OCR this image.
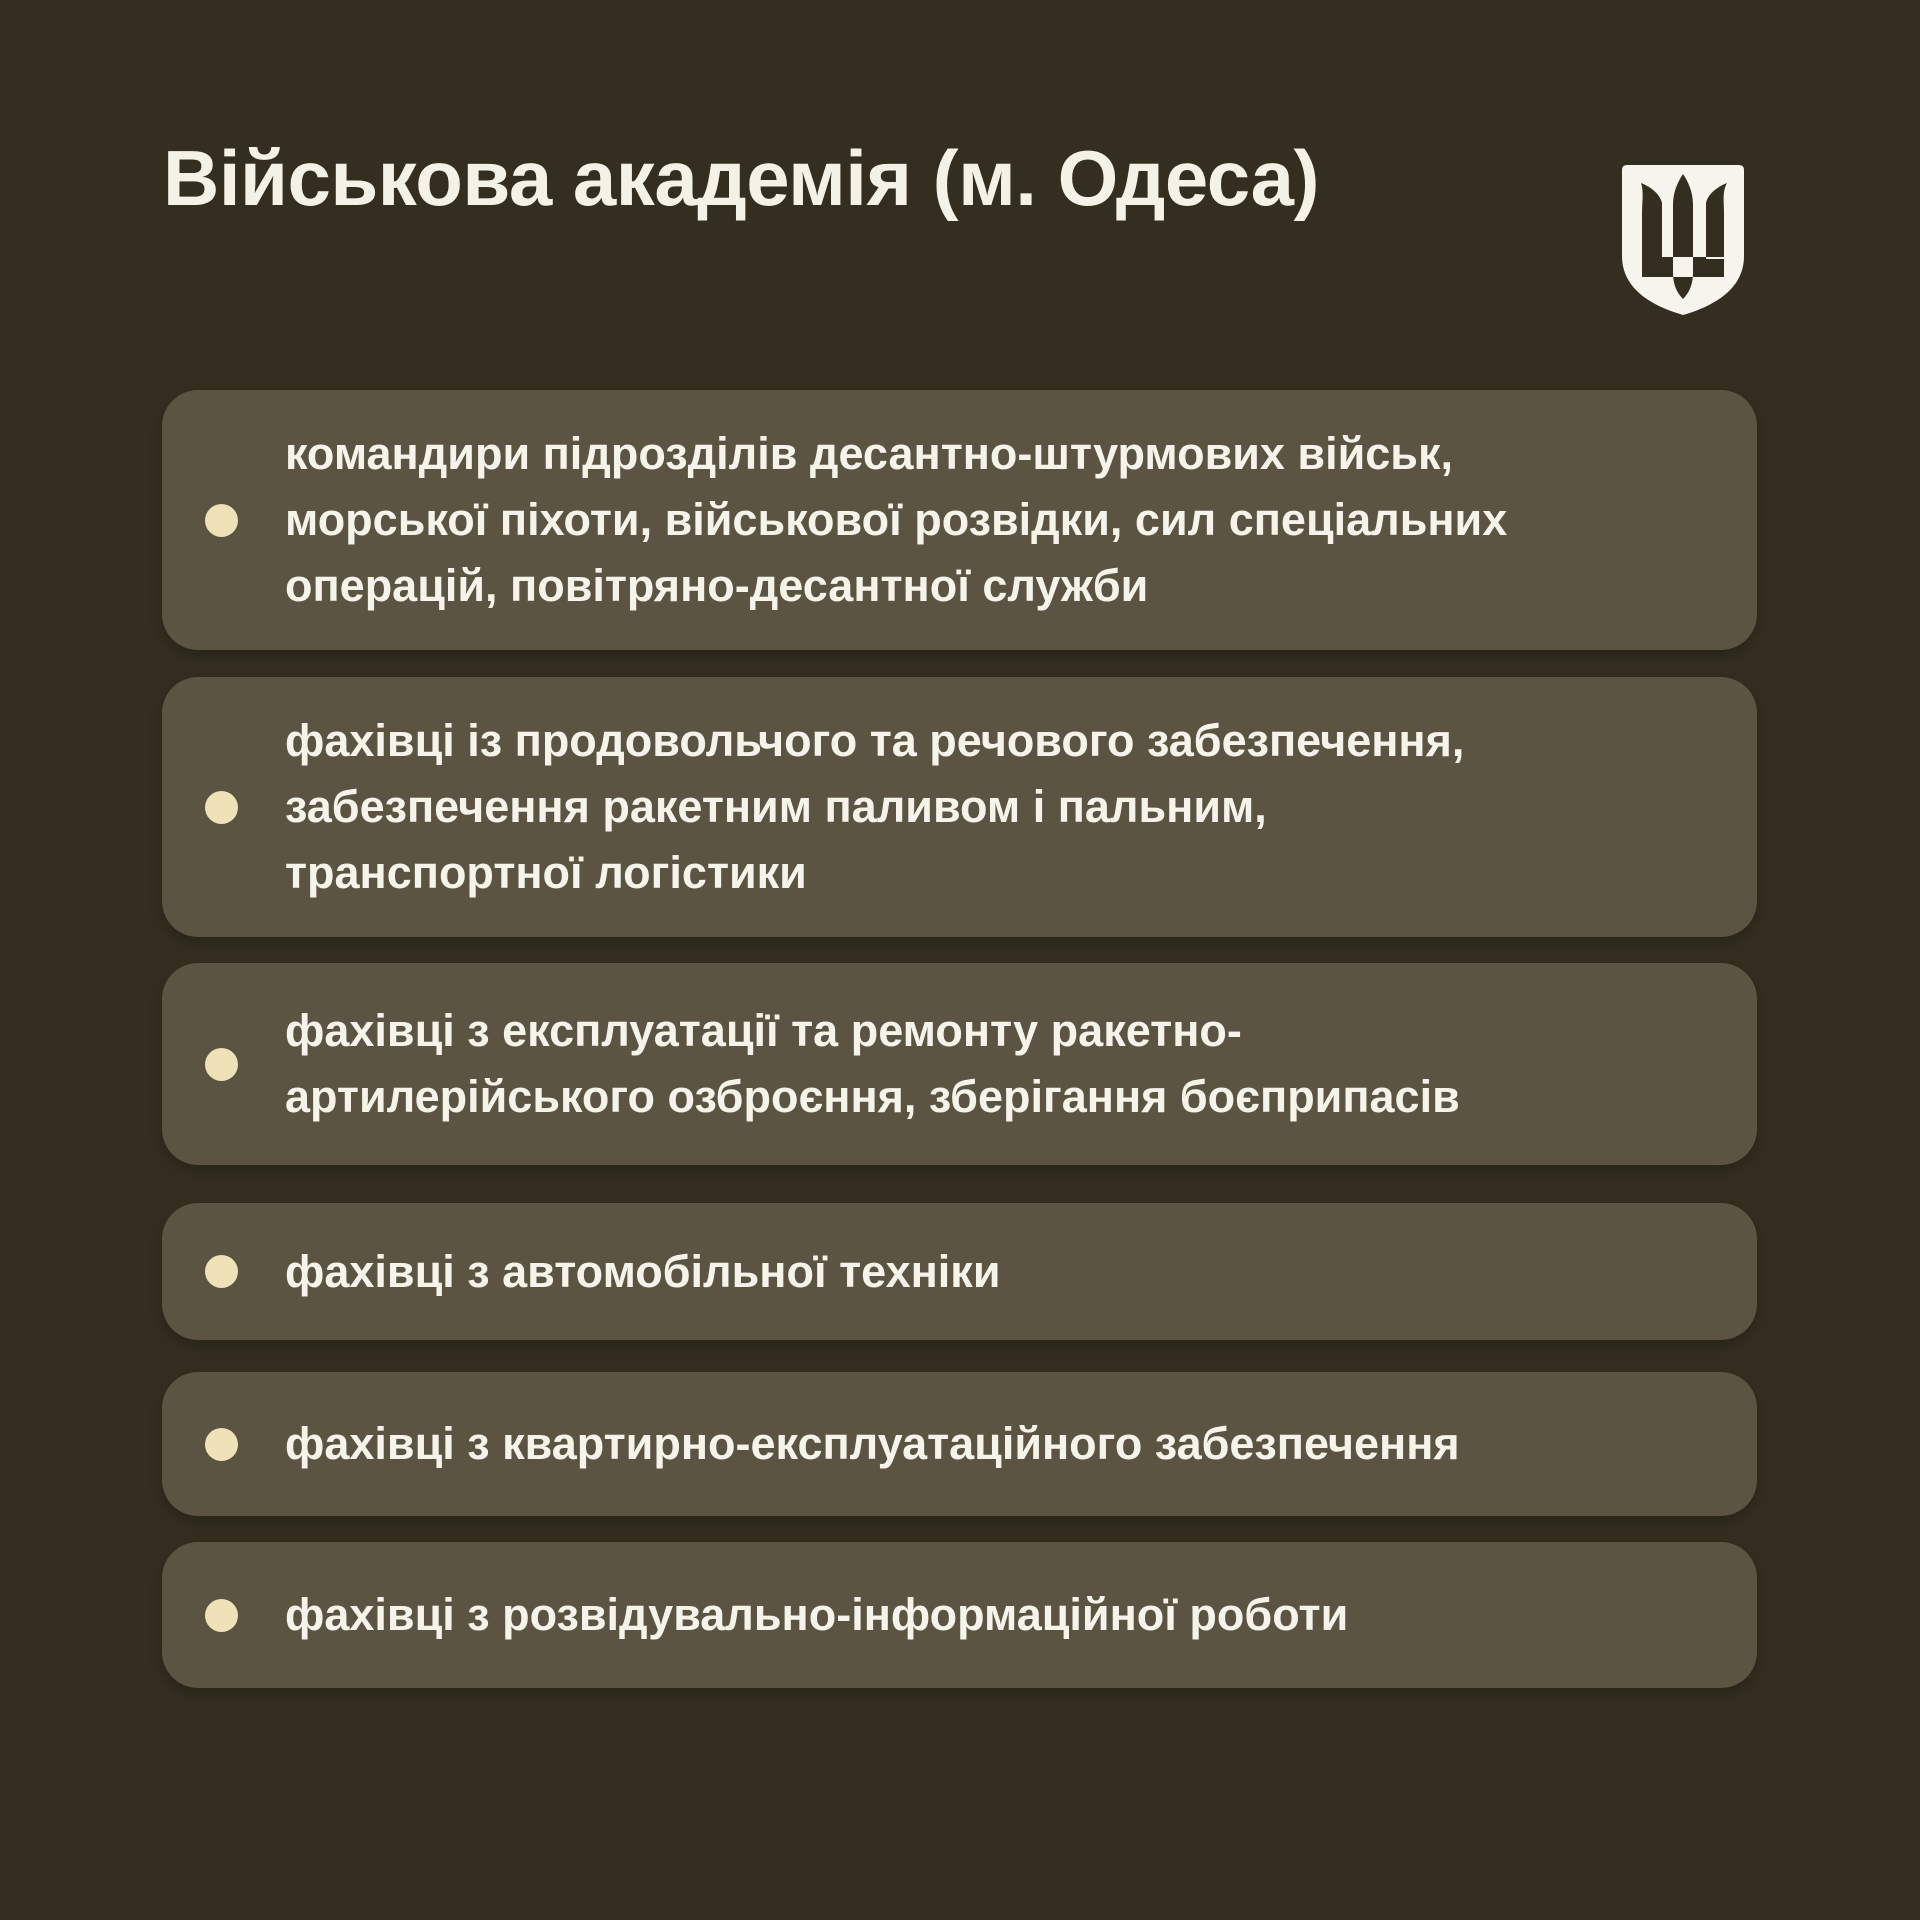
Військова академія (м. Одеса)
командири підрозділів десантно-штурмових військ,
морської піхоти, військової розвідки, сил спеціальних
операцій, повітряно-десантної служби
фахівці із продовольчого та речового забезпечення,
забезпечення ракетним паливом і пальним,
транспортної логістики
фахівці з експлуатації та ремонту ракетно-
артилерійського озброєння, зберігання боєприпасів
фахівці з автомобільної техніки
фахівці з квартирно-експлуатаційного забезпечення
фахівці з розвідувально-інформаційної роботи
